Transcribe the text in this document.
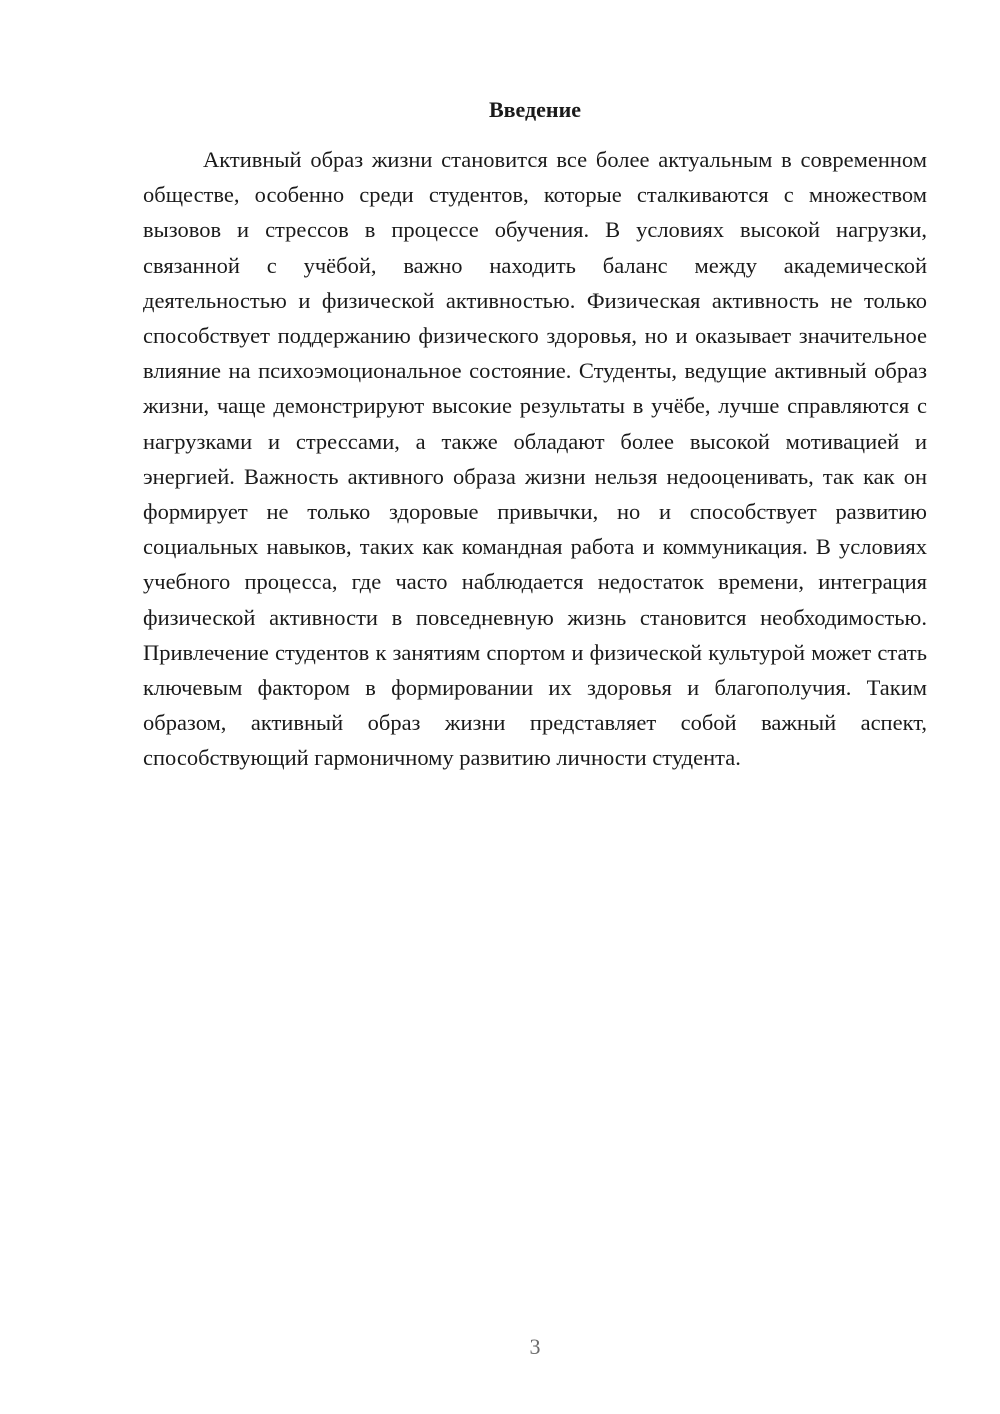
Введение

Активный образ жизни становится все более актуальным в современном обществе, особенно среди студентов, которые сталкиваются с множеством вызовов и стрессов в процессе обучения. В условиях высокой нагрузки, связанной с учёбой, важно находить баланс между академической деятельностью и физической активностью. Физическая активность не только способствует поддержанию физического здоровья, но и оказывает значительное влияние на психоэмоциональное состояние. Студенты, ведущие активный образ жизни, чаще демонстрируют высокие результаты в учёбе, лучше справляются с нагрузками и стрессами, а также обладают более высокой мотивацией и энергией. Важность активного образа жизни нельзя недооценивать, так как он формирует не только здоровые привычки, но и способствует развитию социальных навыков, таких как командная работа и коммуникация. В условиях учебного процесса, где часто наблюдается недостаток времени, интеграция физической активности в повседневную жизнь становится необходимостью. Привлечение студентов к занятиям спортом и физической культурой может стать ключевым фактором в формировании их здоровья и благополучия. Таким образом, активный образ жизни представляет собой важный аспект, способствующий гармоничному развитию личности студента.

3
